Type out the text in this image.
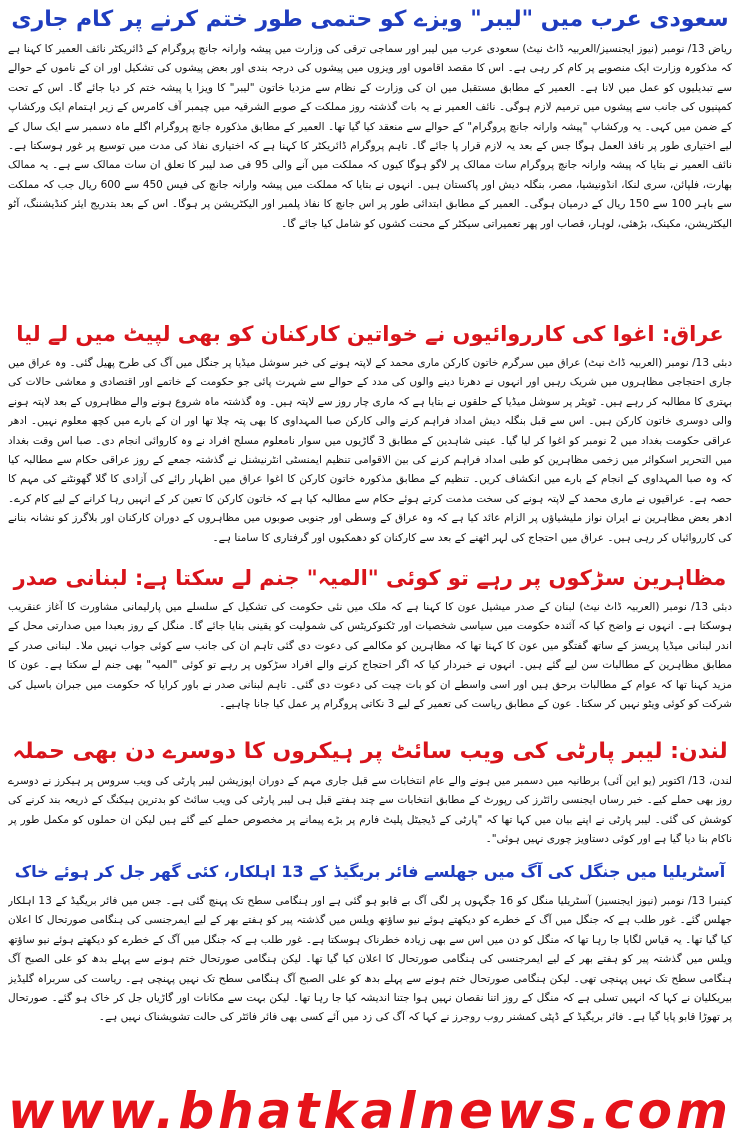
سعودی عرب میں "لیبر" ویزے کو حتمی طور ختم کرنے پر کام جاری
ریاض 13/ نومبر (نیوز ایجنسیز/العربیہ ڈاٹ نیٹ) سعودی عرب میں لیبر اور سماجی ترقی کی وزارت میں پیشہ وارانہ جانچ پروگرام کے ڈائریکٹر نائف العمیر کا کہنا ہے کہ مذکورہ وزارت ایک منصوبے پر کام کر رہی ہے۔ اس کا مقصد اقاموں اور ویزوں میں پیشوں کی درجہ بندی اور بعض پیشوں کی تشکیل اور ان کے ناموں کے حوالے سے تبدیلیوں کو عمل میں لانا ہے۔ العمیر کے مطابق مستقبل میں ان کی وزارت کے نظام سے مزدیا خاتون "لیبر" کا ویزا یا پیشہ ختم کر دیا جائے گا۔ اس کے تحت کمپنیوں کی جانب سے پیشوں میں ترمیم لازم ہوگی۔ نائف العمیر نے یہ بات گذشتہ روز مملکت کے صوبے الشرقیہ میں چیمبر آف کامرس کے زیر اہتمام ایک ورکشاپ کے ضمن میں کہی۔ یہ ورکشاپ "پیشہ وارانہ جانچ پروگرام" کے حوالے سے منعقد کیا گیا تھا۔ العمیر کے مطابق مذکورہ جانچ پروگرام اگلے ماہ دسمبر سے ایک سال کے لیے اختیاری طور پر نافذ العمل ہوگا جس کے بعد یہ لازم قرار پا جائے گا۔ تاہم پروگرام ڈائریکٹر کا کہنا ہے کہ اختیاری نفاذ کی مدت میں توسیع پر غور ہوسکتا ہے۔ نائف العمیر نے بتایا کہ پیشہ وارانہ جانچ پروگرام سات ممالک پر لاگو ہوگا کیوں کہ مملکت میں آنے والی 95 فی صد لیبر کا تعلق ان سات ممالک سے ہے۔ یہ ممالک بھارت، فلپائن، سری لنکا، انڈونیشیا، مصر، بنگلہ دیش اور پاکستان ہیں۔ انہوں نے بتایا کہ مملکت میں پیشہ وارانہ جانچ کی فیس 450 سے 600 ریال جب کہ مملکت سے باہر 100 سے 150 ریال کے درمیان ہوگی۔ العمیر کے مطابق ابتدائی طور پر اس جانچ کا نفاذ پلمبر اور الیکٹریشن پر ہوگا۔ اس کے بعد بتدریج ایئر کنڈیشننگ، آٹو الیکٹریشن، مکینک، بڑھئی، لوہار، قصاب اور پھر تعمیراتی سیکٹر کے محنت کشوں کو شامل کیا جائے گا۔
عراق: اغوا کی کارروائیوں نے خواتین کارکنان کو بھی لپیٹ میں لے لیا
دبئی 13/ نومبر (العربیہ ڈاٹ نیٹ) عراق میں سرگرم خاتون کارکن ماری محمد کے لاپتہ ہونے کی خبر سوشل میڈیا پر جنگل میں آگ کی طرح پھیل گئی۔ وہ عراق میں جاری احتجاجی مظاہروں میں شریک رہیں اور انہوں نے دھرنا دینے والوں کی مدد کے حوالے سے شہرت پائی جو حکومت کے خاتمے اور اقتصادی و معاشی حالات کی بہتری کا مطالبہ کر رہے ہیں۔ ٹویٹر پر سوشل میڈیا کے حلقوں نے بتایا ہے کہ ماری چار روز سے لاپتہ ہیں۔ وہ گذشتہ ماہ شروع ہونے والے مظاہروں کے بعد لاپتہ ہونے والی دوسری خاتون کارکن ہیں۔ اس سے قبل بنگلہ دیش امداد فراہم کرنے والی کارکن صبا المہداوی کا بھی پتہ چلا تھا اور ان کے بارے میں کچھ معلوم نہیں۔ ادھر عراقی حکومت بغداد میں 2 نومبر کو اغوا کر لیا گیا۔ عینی شاہدین کے مطابق 3 گاڑیوں میں سوار نامعلوم مسلح افراد نے وہ کاروائی انجام دی۔ صبا اس وقت بغداد میں التحریر اسکوائر میں زخمی مظاہرین کو طبی امداد فراہم کرنے کی بین الاقوامی تنظیم ایمنسٹی انٹرنیشنل نے گذشتہ جمعے کے روز عراقی حکام سے مطالبہ کیا کہ وہ صبا المہداوی کے انجام کے بارے میں انکشاف کریں۔ تنظیم کے مطابق مذکورہ خاتون کارکن کا اغوا عراق میں اظہار رائے کی آزادی کا گلا گھونٹنے کی مہم کا حصہ ہے۔ عراقیوں نے ماری محمد کے لاپتہ ہونے کی سخت مذمت کرتے ہوئے حکام سے مطالبہ کیا ہے کہ خاتون کارکن کا تعین کر کے انہیں رہا کرانے کے لیے کام کرے۔ ادھر بعض مظاہرین نے ایران نواز ملیشیاؤں پر الزام عائد کیا ہے کہ وہ عراق کے وسطی اور جنوبی صوبوں میں مظاہروں کے دوران کارکنان اور بلاگرز کو نشانہ بنانے کی کارروائیاں کر رہی ہیں۔ عراق میں احتجاج کی لہر اٹھنے کے بعد سے کارکنان کو دھمکیوں اور گرفتاری کا سامنا ہے۔
مظاہرین سڑکوں پر رہے تو کوئی "المیہ" جنم لے سکتا ہے: لبنانی صدر
دبئی 13/ نومبر (العربیہ ڈاٹ نیٹ) لبنان کے صدر میشیل عون کا کہنا ہے کہ ملک میں نئی حکومت کی تشکیل کے سلسلے میں پارلیمانی مشاورت کا آغاز عنقریب ہوسکتا ہے۔ انہوں نے واضح کیا کہ آئندہ حکومت میں سیاسی شخصیات اور ٹکنوکریٹس کی شمولیت کو یقینی بنایا جائے گا۔ منگل کے روز بعبدا میں صدارتی محل کے اندر لبنانی میڈیا پریسز کے ساتھ گفتگو میں عون کا کہنا تھا کہ مظاہرین کو مکالمے کی دعوت دی گئی تاہم ان کی جانب سے کوئی جواب نہیں ملا۔ لبنانی صدر کے مطابق مظاہرین کے مطالبات سن لیے گئے ہیں۔ انہوں نے خبردار کیا کہ اگر احتجاج کرنے والے افراد سڑکوں پر رہے تو کوئی "المیہ" بھی جنم لے سکتا ہے۔ عون کا مزید کہنا تھا کہ عوام کے مطالبات برحق ہیں اور اسی واسطے ان کو بات چیت کی دعوت دی گئی۔ تاہم لبنانی صدر نے باور کرایا کہ حکومت میں جبران باسیل کی شرکت کو کوئی ویٹو نہیں کر سکتا۔ عون کے مطابق ریاست کی تعمیر کے لیے 3 نکاتی پروگرام پر عمل کیا جانا چاہیے۔
لندن: لیبر پارٹی کی ویب سائٹ پر ہیکروں کا دوسرے دن بھی حملہ
لندن، 13/ اکتوبر (یو این آئی) برطانیہ میں دسمبر میں ہونے والے عام انتخابات سے قبل جاری مہم کے دوران اپوزیشن لیبر پارٹی کی ویب سروس پر ہیکرز نے دوسرے روز بھی حملے کیے۔ خبر رساں ایجنسی رائٹرز کی رپورٹ کے مطابق انتخابات سے چند ہفتے قبل ہی لیبر پارٹی کی ویب سائٹ کو بدترین ہیکنگ کے ذریعہ بند کرنے کی کوشش کی گئی۔ لیبر پارٹی نے اپنے بیان میں کہا تھا کہ "پارٹی کے ڈیجیٹل پلیٹ فارم پر بڑے پیمانے پر مخصوص حملے کیے گئے ہیں لیکن ان حملوں کو مکمل طور پر ناکام بنا دیا گیا ہے اور کوئی دستاویز چوری نہیں ہوئی"۔
آسٹریلیا میں جنگل کی آگ میں جھلسے فائر بریگیڈ کے 13 اہلکار، کئی گھر جل کر ہوئے خاک
کینبرا 13/ نومبر (نیوز ایجنسیز) آسٹریلیا منگل کو 16 جگہوں پر لگی آگ بے قابو ہو گئی ہے اور ہنگامی سطح تک پہنچ گئی ہے۔ جس میں فائر بریگیڈ کے 13 اہلکار جھلس گئے۔ غور طلب ہے کہ جنگل میں آگ کے خطرے کو دیکھتے ہوئے نیو ساؤتھ ویلس میں گذشتہ پیر کو ہفتے بھر کے لیے ایمرجنسی کی ہنگامی صورتحال کا اعلان کیا گیا تھا۔ یہ قیاس لگایا جا رہا تھا کہ منگل کو دن میں اس سے بھی زیادہ خطرناک ہوسکتا ہے۔ غور طلب ہے کہ جنگل میں آگ کے خطرے کو دیکھتے ہوئے نیو ساؤتھ ویلس میں گذشتہ پیر کو ہفتے بھر کے لیے ایمرجنسی کی ہنگامی صورتحال کا اعلان کیا گیا تھا۔ لیکن ہنگامی صورتحال ختم ہونے سے پہلے بدھ کو علی الصبح آگ ہنگامی سطح تک نہیں پہنچی تھی۔ لیکن ہنگامی صورتحال ختم ہونے سے پہلے بدھ کو علی الصبح آگ ہنگامی سطح تک نہیں پہنچی ہے۔ ریاست کی سربراہ گلیڈیز بیریکلیان نے کہا کہ انہیں تسلی ہے کہ منگل کے روز اتنا نقصان نہیں ہوا جتنا اندیشہ کیا جا رہا تھا۔ لیکن بہت سے مکانات اور گاڑیاں جل کر خاک ہو گئے۔ صورتحال پر تھوڑا قابو پایا گیا ہے۔ فائر بریگیڈ کے ڈپٹی کمشنر روب روجرز نے کہا کہ آگ کی زد میں آئے کسی بھی فائر فائٹر کی حالت تشویشناک نہیں ہے۔
www.bhatkalnews.com
